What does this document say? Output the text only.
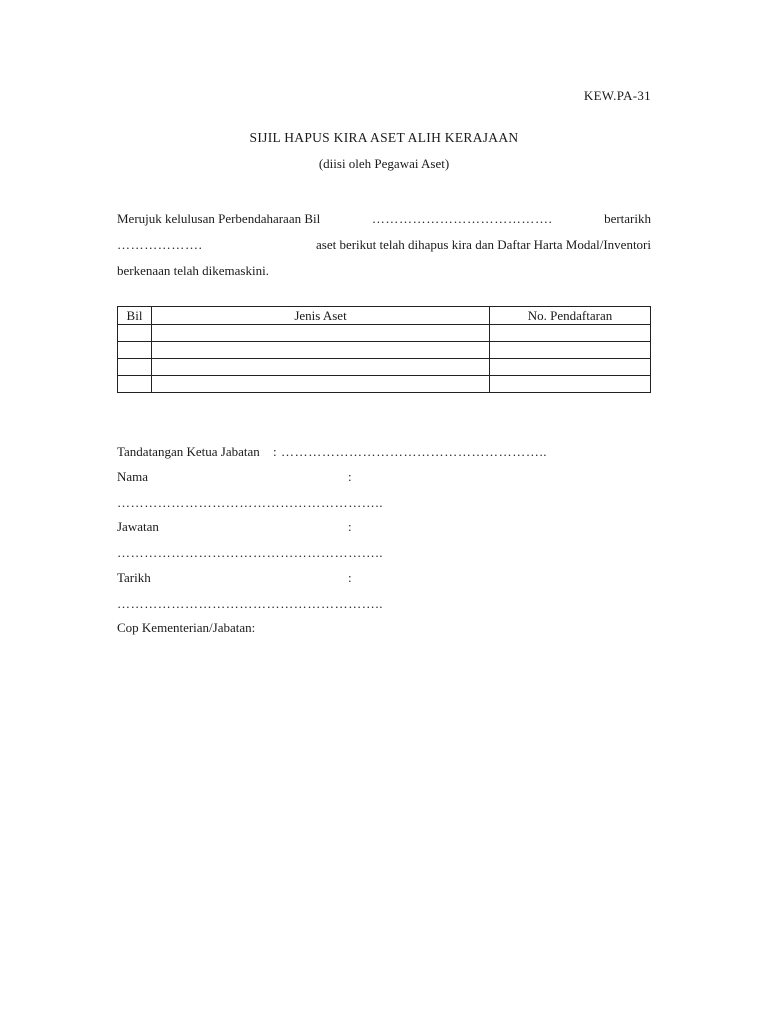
KEW.PA-31
SIJIL HAPUS KIRA ASET ALIH KERAJAAN
(diisi oleh Pegawai Aset)
Merujuk kelulusan Perbendaharaan Bil	………………………………….	bertarikh
……………….	aset berikut telah dihapus kira dan Daftar Harta Modal/Inventori
berkenaan telah dikemaskini.
Bil	Jenis Aset	No. Pendaftaran

Tandatangan Ketua Jabatan : …………………………………………………..
Nama	:
…………………………………………………..
Jawatan	:
…………………………………………………..
Tarikh	:
…………………………………………………..
Cop Kementerian/Jabatan:
